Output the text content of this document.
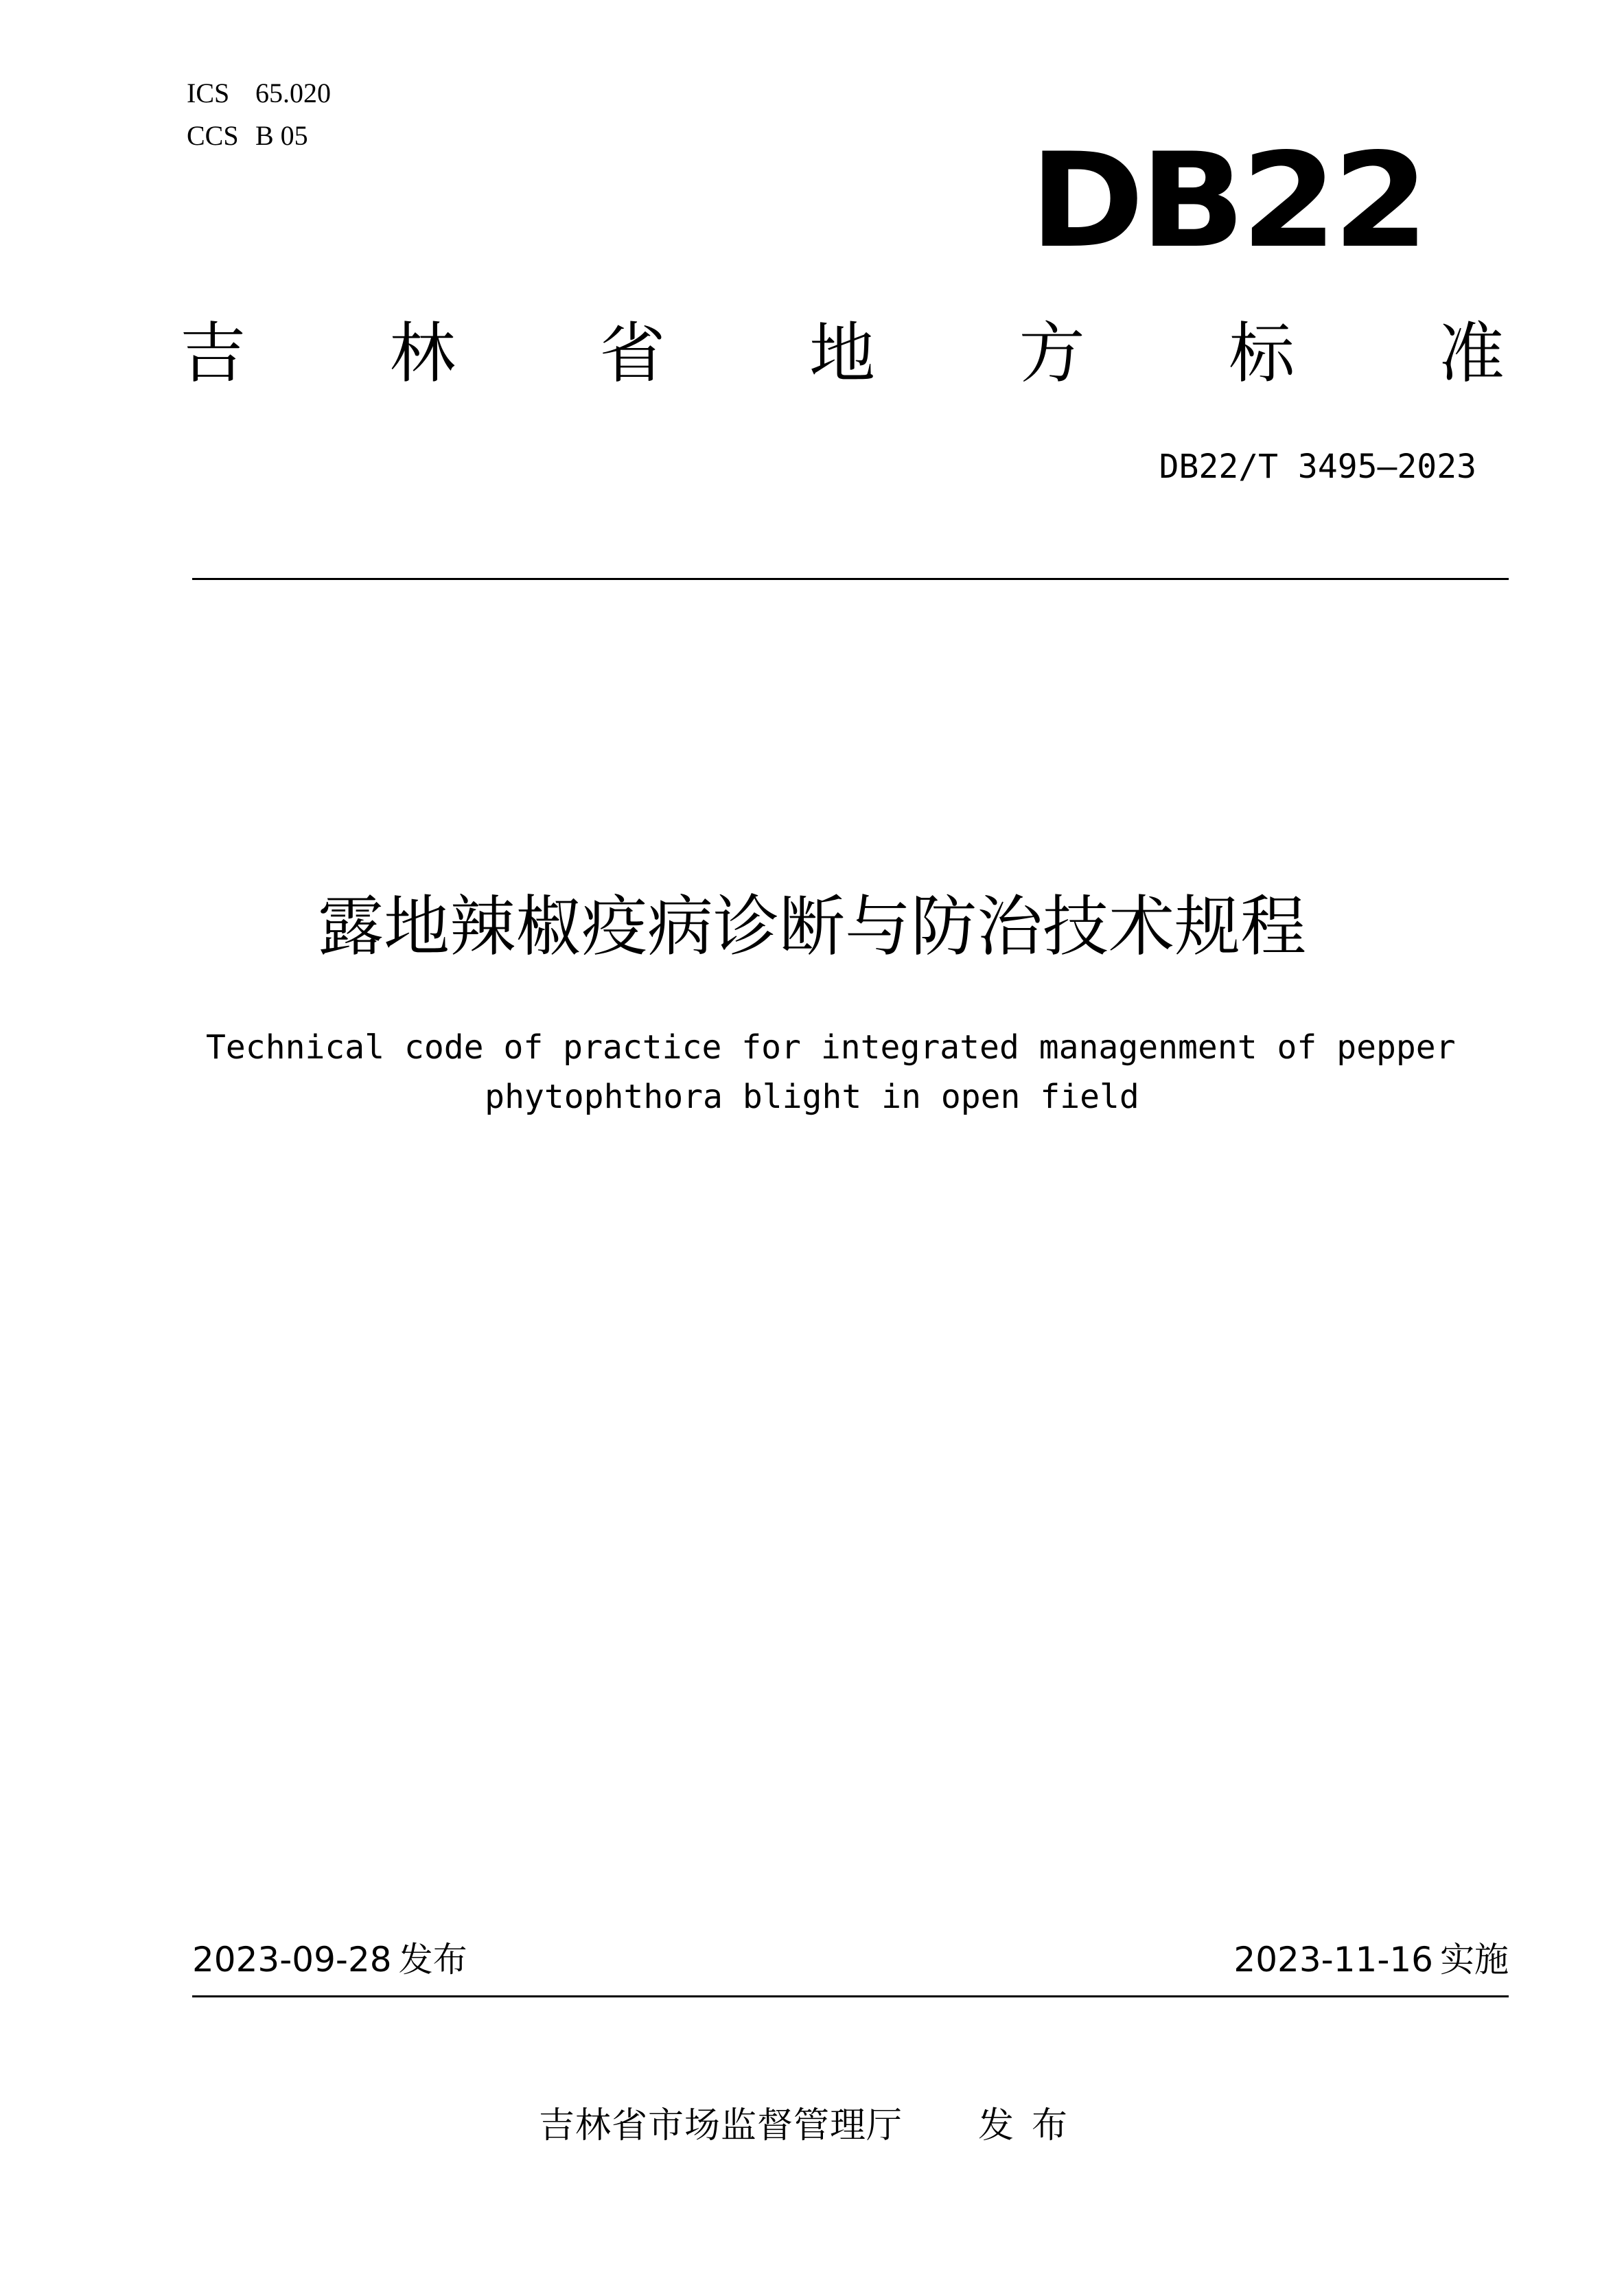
ICS 65.020
CCS B 05	DB22
吉 林 省 地 方 标 准
DB22/T 3495—2023
露地辣椒疫病诊断与防治技术规程
Technical code of practice for integrated managenment of pepper
phytophthora blight in open field
2023-09-28 发布	2023-11-16 实施
吉林省市场监督管理厅 发布
